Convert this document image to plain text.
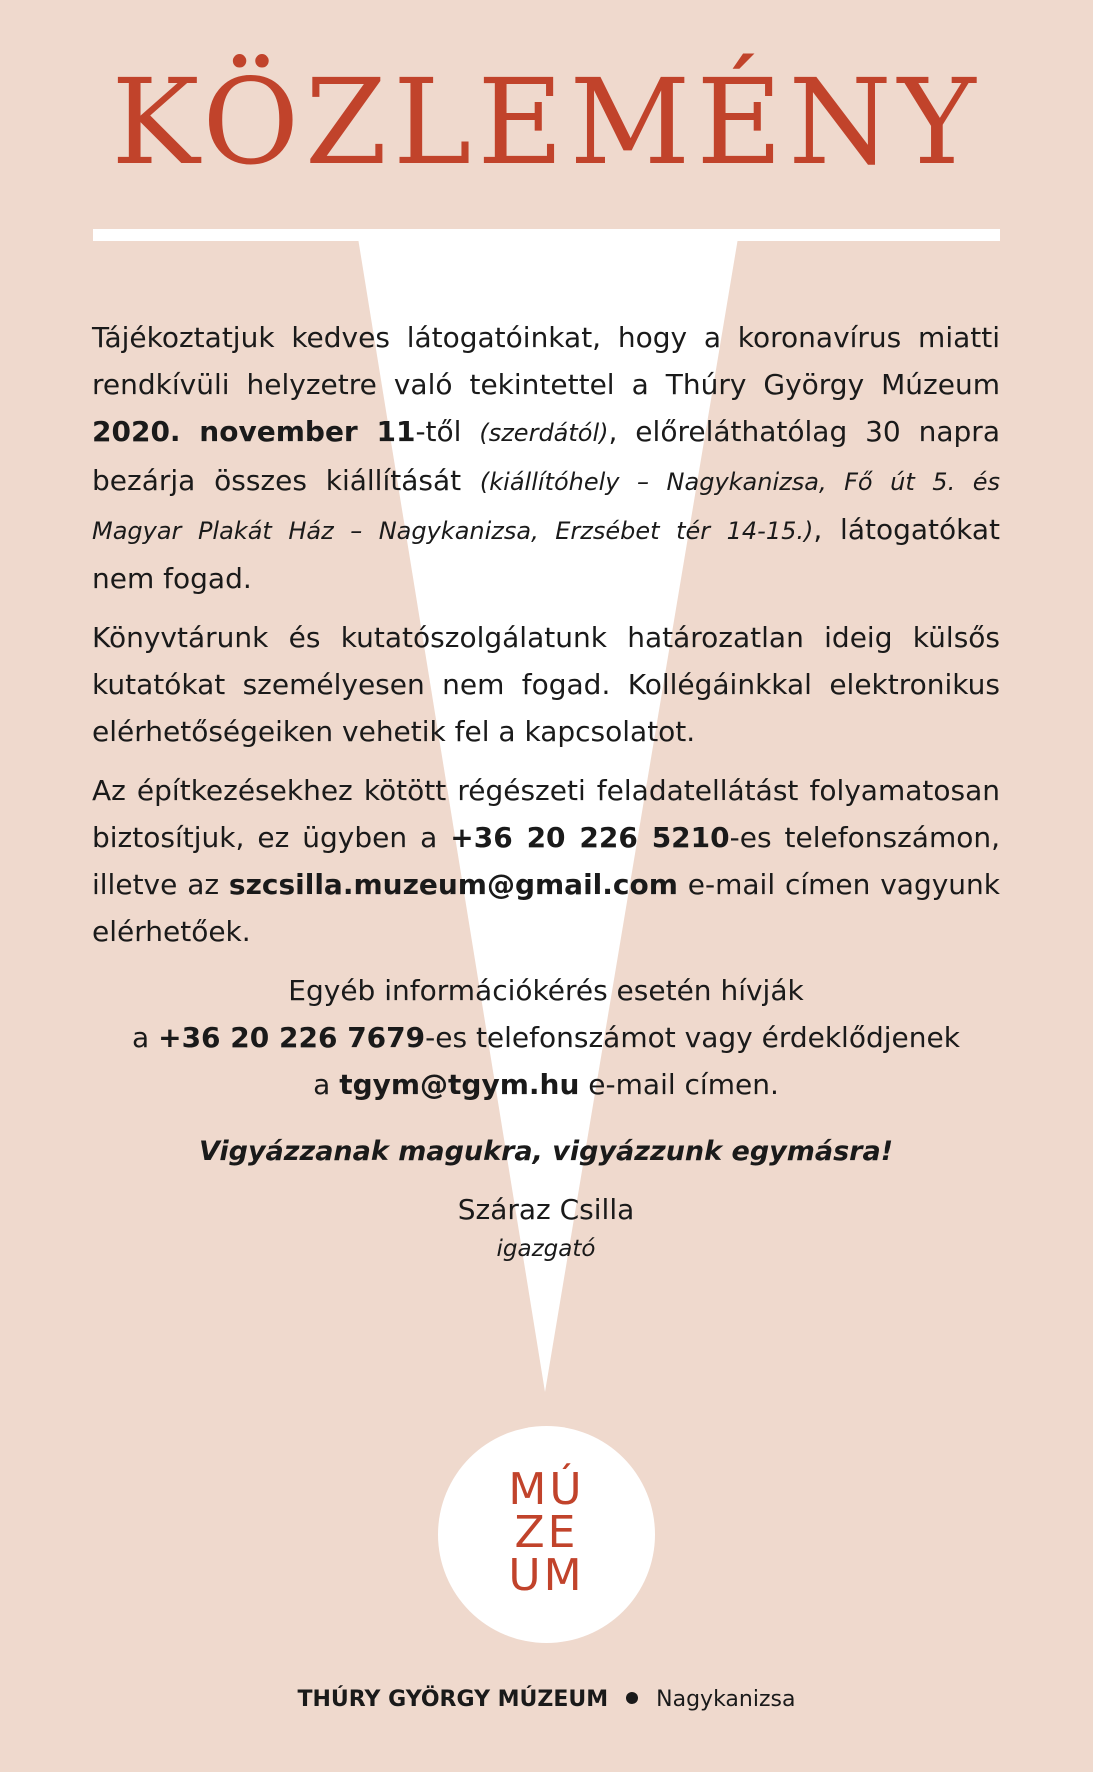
KÖZLEMÉNY

Tájékoztatjuk kedves látogatóinkat, hogy a koronavírus miatti rendkívüli helyzetre való tekintettel a Thúry György Múzeum 2020. november 11-től (szerdától), előreláthatólag 30 napra bezárja összes kiállítását (kiállítóhely – Nagykanizsa, Fő út 5. és Magyar Plakát Ház – Nagykanizsa, Erzsébet tér 14-15.), látogatókat nem fogad.

Könyvtárunk és kutatószolgálatunk határozatlan ideig külsős kutatókat személyesen nem fogad. Kollégáinkkal elektronikus elérhetőségeiken vehetik fel a kapcsolatot.

Az építkezésekhez kötött régészeti feladatellátást folyamatosan biztosítjuk, ez ügyben a +36 20 226 5210-es telefonszámon, illetve az szcsilla.muzeum@gmail.com e-mail címen vagyunk elérhetőek.

Egyéb információkérés esetén hívják
a +36 20 226 7679-es telefonszámot vagy érdeklődjenek
a tgym@tgym.hu e-mail címen.

Vigyázzanak magukra, vigyázzunk egymásra!
Száraz Csilla
igazgató
MÚ
ZE
UM
THÚRY GYÖRGY MÚZEUM Nagykanizsa
